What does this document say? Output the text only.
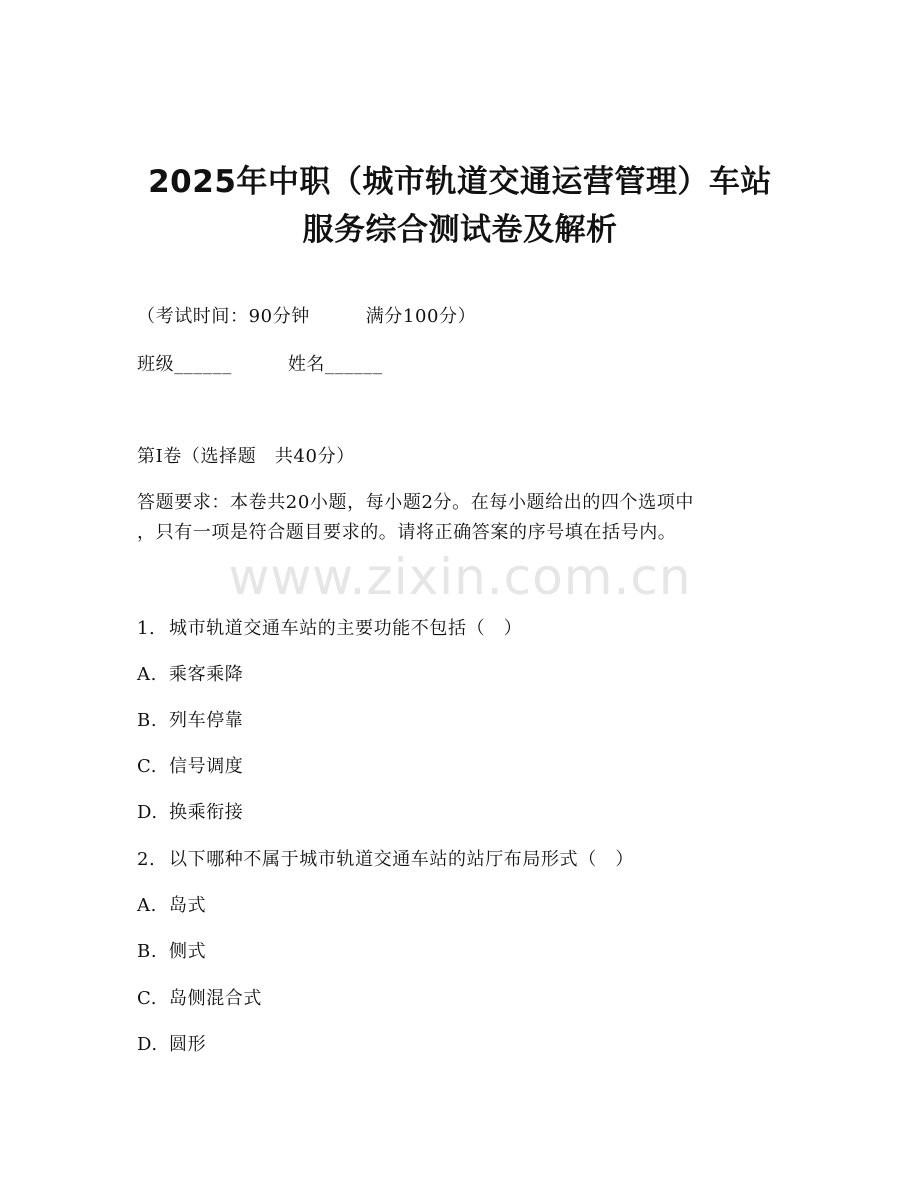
2025年中职（城市轨道交通运营管理）车站
服务综合测试卷及解析
（考试时间：90分钟　　　满分100分）
班级______	姓名______
第I卷（选择题　共40分）
答题要求：本卷共20小题，每小题2分。在每小题给出的四个选项中
，只有一项是符合题目要求的。请将正确答案的序号填在括号内。
www.zixin.com.cn
1. 城市轨道交通车站的主要功能不包括（　）
A. 乘客乘降
B. 列车停靠
C. 信号调度
D. 换乘衔接
2. 以下哪种不属于城市轨道交通车站的站厅布局形式（　）
A. 岛式
B. 侧式
C. 岛侧混合式
D. 圆形
